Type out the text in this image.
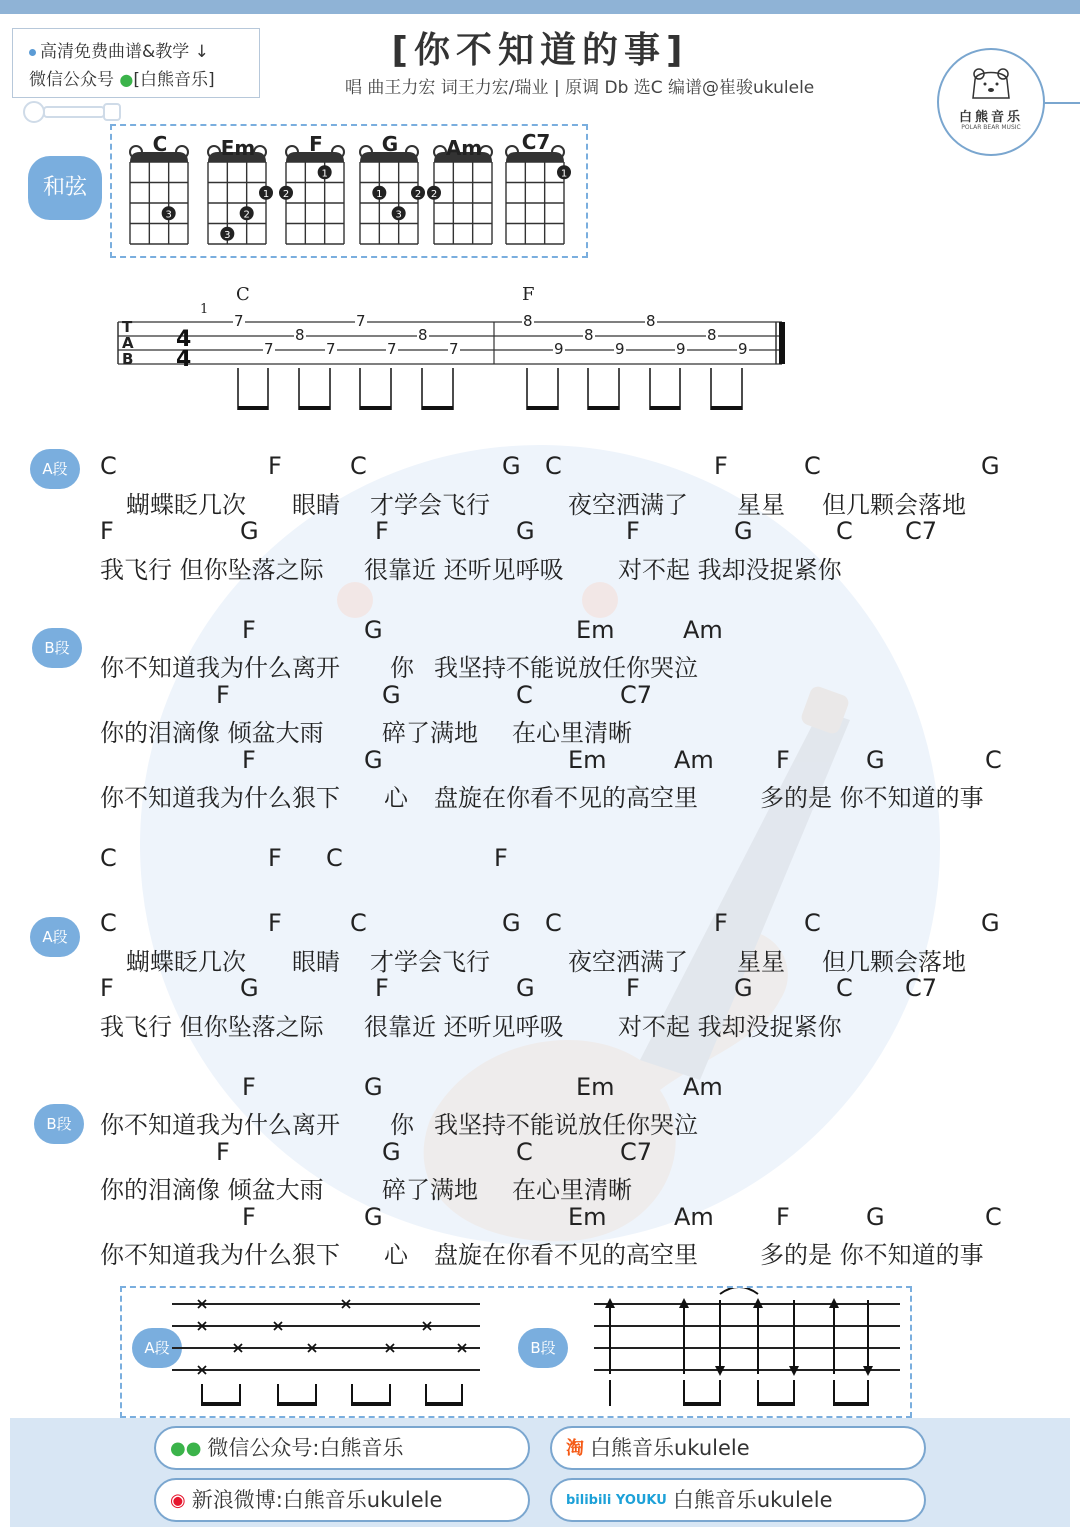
高清免费曲谱&教学 ↓
微信公众号 ●[白熊音乐]
[你不知道的事]
唱 曲王力宏 词王力宏/瑞业 | 原调 Db 选C 编谱@崔骏ukulele
白熊音乐
POLAR BEAR MUSIC
和弦
3
3
2
1 2
1
1
3
2 2
1
C	Em	F	G	Am	C7
4
4
T
A
B
1
C	F
7
7
8
7
7
7
8
7
8
9
8
9
8
9
8
9
A段	C	F	C	G C	F	C	G
蝴蝶眨几次 眼睛 才学会飞行	夜空洒满了 星星 但几颗会落地
F	G	F	G	F	G	C C7
我飞行 但你坠落之际 很靠近 还听见呼吸 对不起 我却没捉紧你
B段
F	G	Em	Am
你不知道我为什么离开 你 我坚持不能说放任你哭泣
F	G	C	C7
你的泪滴像 倾盆大雨 碎了满地 在心里清晰
F	G	Em	Am	F	G	C
你不知道我为什么狠下 心 盘旋在你看不见的高空里	多的是 你不知道的事
C	F C	F
A段	C	F	C	G C	F	C	G
蝴蝶眨几次 眼睛 才学会飞行	夜空洒满了 星星 但几颗会落地
F	G	F	G	F	G	C C7
我飞行 但你坠落之际 很靠近 还听见呼吸 对不起 我却没捉紧你
B段
F	G	Em	Am
你不知道我为什么离开 你 我坚持不能说放任你哭泣
F	G	C	C7
你的泪滴像 倾盆大雨 碎了满地 在心里清晰
F	G	Em	Am	F	G	C
你不知道我为什么狠下 心 盘旋在你看不见的高空里	多的是 你不知道的事
A段	B段
●● 微信公众号:白熊音乐	淘 白熊音乐ukulele
◉ 新浪微博:白熊音乐ukulele	bilibili YOUKU 白熊音乐ukulele
